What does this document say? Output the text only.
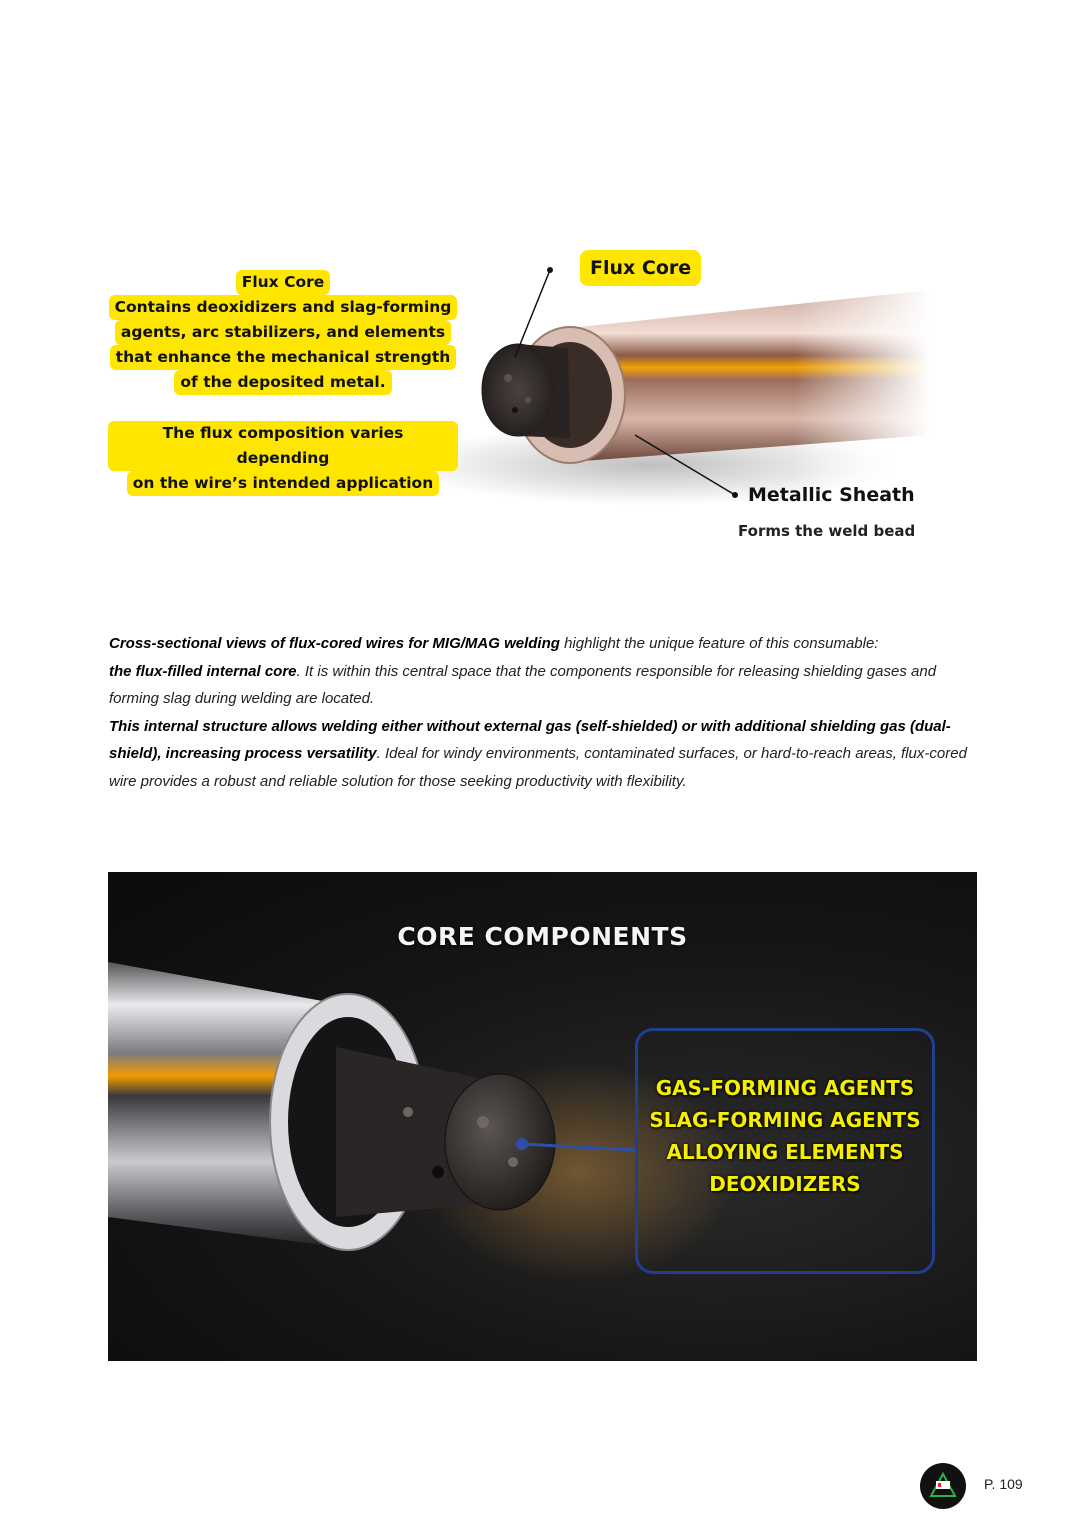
Flux Core
Contains deoxidizers and slag-forming
agents, arc stabilizers, and elements
that enhance the mechanical strength
of the deposited metal.
The flux composition varies depending
on the wire’s intended application
Flux Core
Metallic Sheath
Forms the weld bead
Cross-sectional views of flux-cored wires for MIG/MAG welding highlight the unique feature of this consumable:
the flux-filled internal core. It is within this central space that the components responsible for releasing shielding gases and forming slag during welding are located.
This internal structure allows welding either without external gas (self-shielded) or with additional shielding gas (dual-shield), increasing process versatility. Ideal for windy environments, contaminated surfaces, or hard-to-reach areas, flux-cored wire provides a robust and reliable solution for those seeking productivity with flexibility.
CORE COMPONENTS
GAS-FORMING AGENTS
SLAG-FORMING AGENTS
ALLOYING ELEMENTS
DEOXIDIZERS
P. 109
